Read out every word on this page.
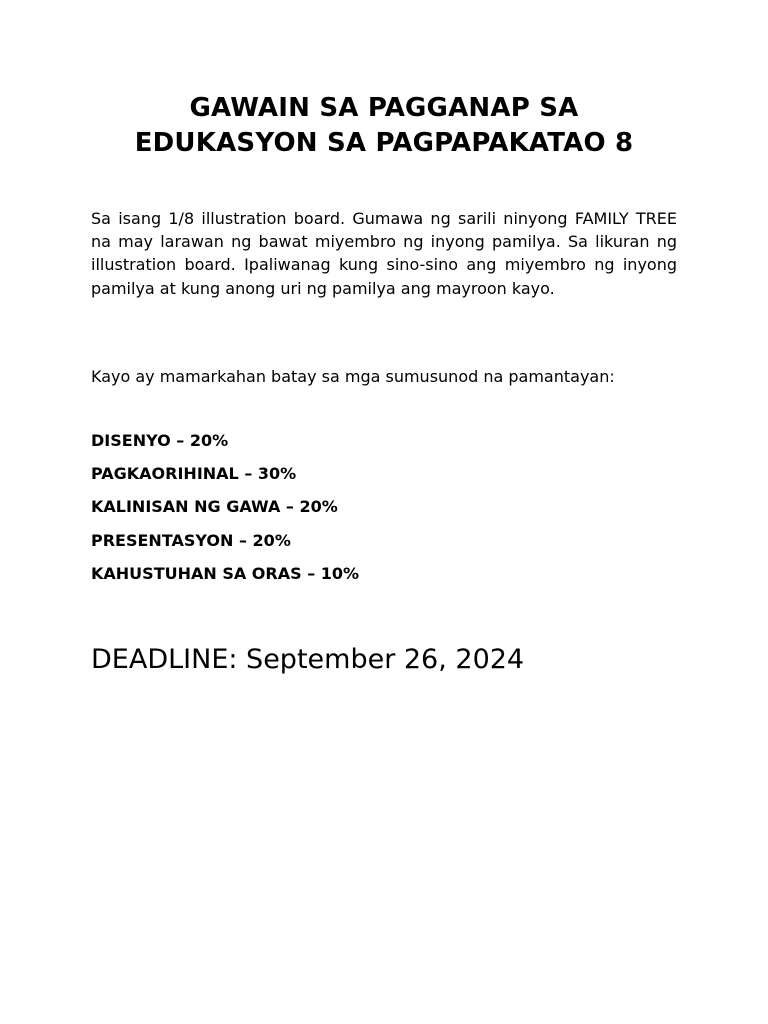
GAWAIN SA PAGGANAP SA
EDUKASYON SA PAGPAPAKATAO 8

Sa isang 1/8 illustration board. Gumawa ng sarili ninyong FAMILY TREE na may larawan ng bawat miyembro ng inyong pamilya. Sa likuran ng illustration board. Ipaliwanag kung sino-sino ang miyembro ng inyong pamilya at kung anong uri ng pamilya ang mayroon kayo.

Kayo ay mamarkahan batay sa mga sumusunod na pamantayan:

DISENYO – 20%
PAGKAORIHINAL – 30%
KALINISAN NG GAWA – 20%
PRESENTASYON – 20%
KAHUSTUHAN SA ORAS – 10%

DEADLINE: September 26, 2024
